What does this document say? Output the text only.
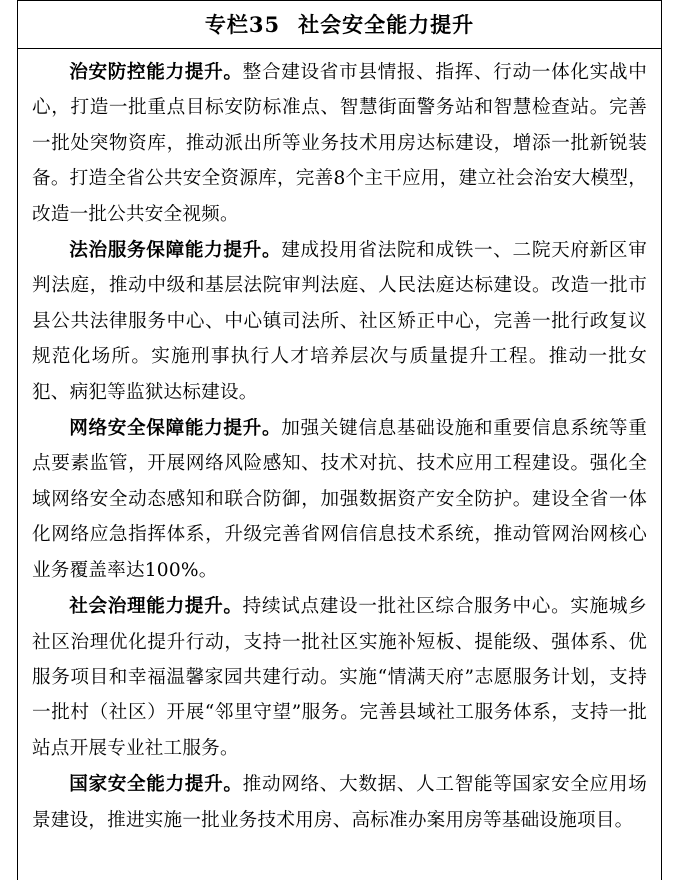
专栏35 社会安全能力提升

治安防控能力提升。整合建设省市县情报、指挥、行动一体化实战中心，打造一批重点目标安防标准点、智慧街面警务站和智慧检查站。完善一批处突物资库，推动派出所等业务技术用房达标建设，增添一批新锐装备。打造全省公共安全资源库，完善8个主干应用，建立社会治安大模型，改造一批公共安全视频。

法治服务保障能力提升。建成投用省法院和成铁一、二院天府新区审判法庭，推动中级和基层法院审判法庭、人民法庭达标建设。改造一批市县公共法律服务中心、中心镇司法所、社区矫正中心，完善一批行政复议规范化场所。实施刑事执行人才培养层次与质量提升工程。推动一批女犯、病犯等监狱达标建设。

网络安全保障能力提升。加强关键信息基础设施和重要信息系统等重点要素监管，开展网络风险感知、技术对抗、技术应用工程建设。强化全域网络安全动态感知和联合防御，加强数据资产安全防护。建设全省一体化网络应急指挥体系，升级完善省网信信息技术系统，推动管网治网核心业务覆盖率达100%。

社会治理能力提升。持续试点建设一批社区综合服务中心。实施城乡社区治理优化提升行动，支持一批社区实施补短板、提能级、强体系、优服务项目和幸福温馨家园共建行动。实施“情满天府”志愿服务计划，支持一批村（社区）开展“邻里守望”服务。完善县域社工服务体系，支持一批站点开展专业社工服务。

国家安全能力提升。推动网络、大数据、人工智能等国家安全应用场景建设，推进实施一批业务技术用房、高标准办案用房等基础设施项目。
